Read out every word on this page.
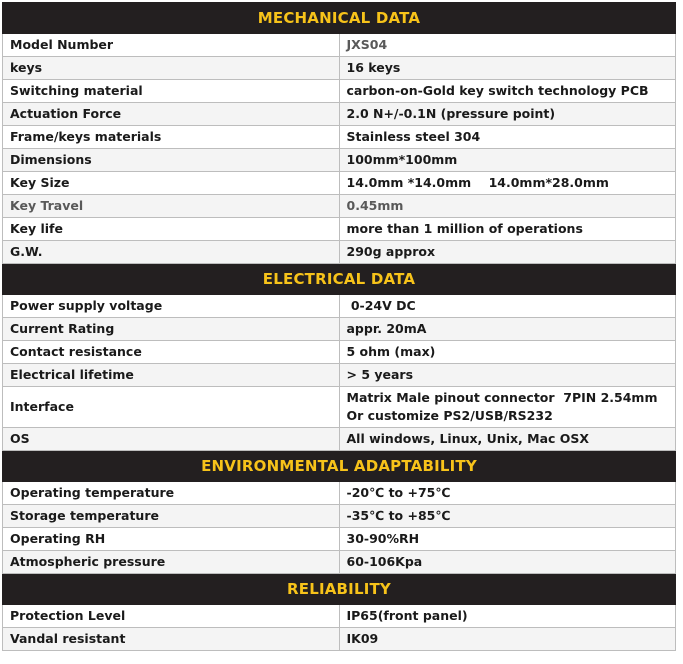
MECHANICAL DATA	
Model Number	JXS04
keys	16 keys
Switching material	carbon-on-Gold key switch technology PCB
Actuation Force	2.0 N+/-0.1N (pressure point)
Frame/keys materials	Stainless steel 304
Dimensions	100mm*100mm
Key Size	14.0mm *14.0mm    14.0mm*28.0mm
Key Travel	0.45mm
Key life	more than 1 million of operations
G.W.	290g approx
ELECTRICAL DATA	
Power supply voltage	0-24V DC
Current Rating	appr. 20mA
Contact resistance	5 ohm (max)
Electrical lifetime	> 5 years
Interface	Matrix Male pinout connector  7PIN 2.54mm
Or customize PS2/USB/RS232

OS	All windows, Linux, Unix, Mac OSX
ENVIRONMENTAL ADAPTABILITY	
Operating temperature	-20℃ to +75℃
Storage temperature	-35℃ to +85℃
Operating RH	30-90%RH
Atmospheric pressure	60-106Kpa
RELIABILITY	
Protection Level	IP65(front panel)
Vandal resistant	IK09
